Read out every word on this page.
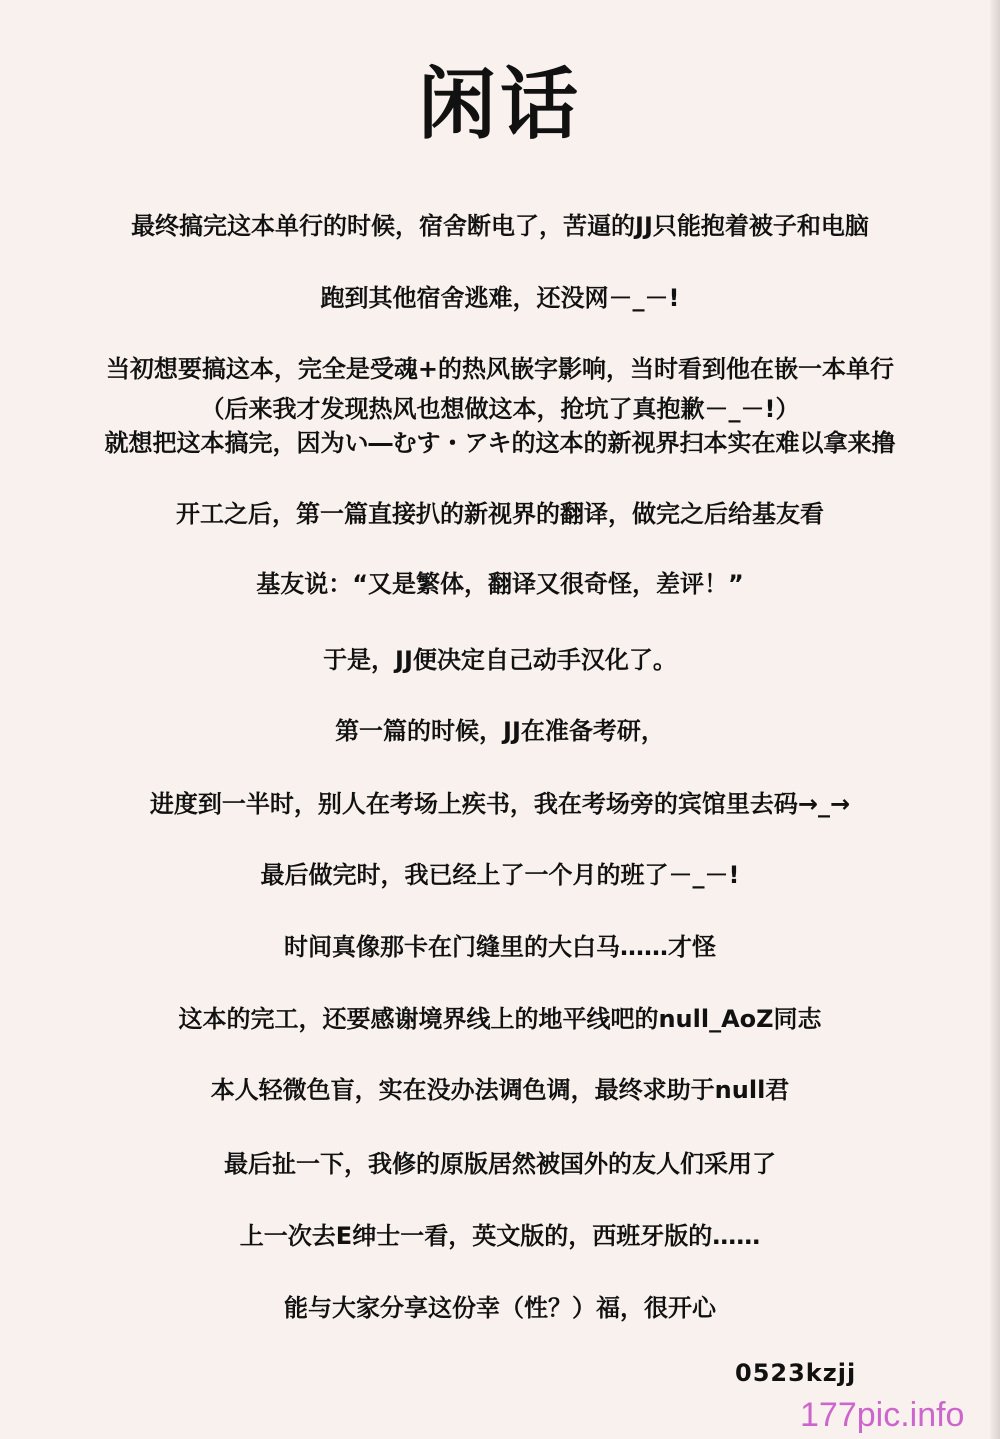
闲话
最终搞完这本单行的时候，宿舍断电了，苦逼的JJ只能抱着被子和电脑
跑到其他宿舍逃难，还没网－_－!
当初想要搞这本，完全是受魂+的热风嵌字影响，当时看到他在嵌一本单行
（后来我才发现热风也想做这本，抢坑了真抱歉－_－!）
就想把这本搞完，因为い―むす・アキ的这本的新视界扫本实在难以拿来撸
开工之后，第一篇直接扒的新视界的翻译，做完之后给基友看
基友说：“又是繁体，翻译又很奇怪，差评！”
于是，JJ便决定自己动手汉化了。
第一篇的时候，JJ在准备考研，
进度到一半时，别人在考场上疾书，我在考场旁的宾馆里去码→_→
最后做完时，我已经上了一个月的班了－_－!
时间真像那卡在门缝里的大白马……才怪
这本的完工，还要感谢境界线上的地平线吧的null_AoZ同志
本人轻微色盲，实在没办法调色调，最终求助于null君
最后扯一下，我修的原版居然被国外的友人们采用了
上一次去E绅士一看，英文版的，西班牙版的……
能与大家分享这份幸（性？）福，很开心
0523kzjj
177pic.info
